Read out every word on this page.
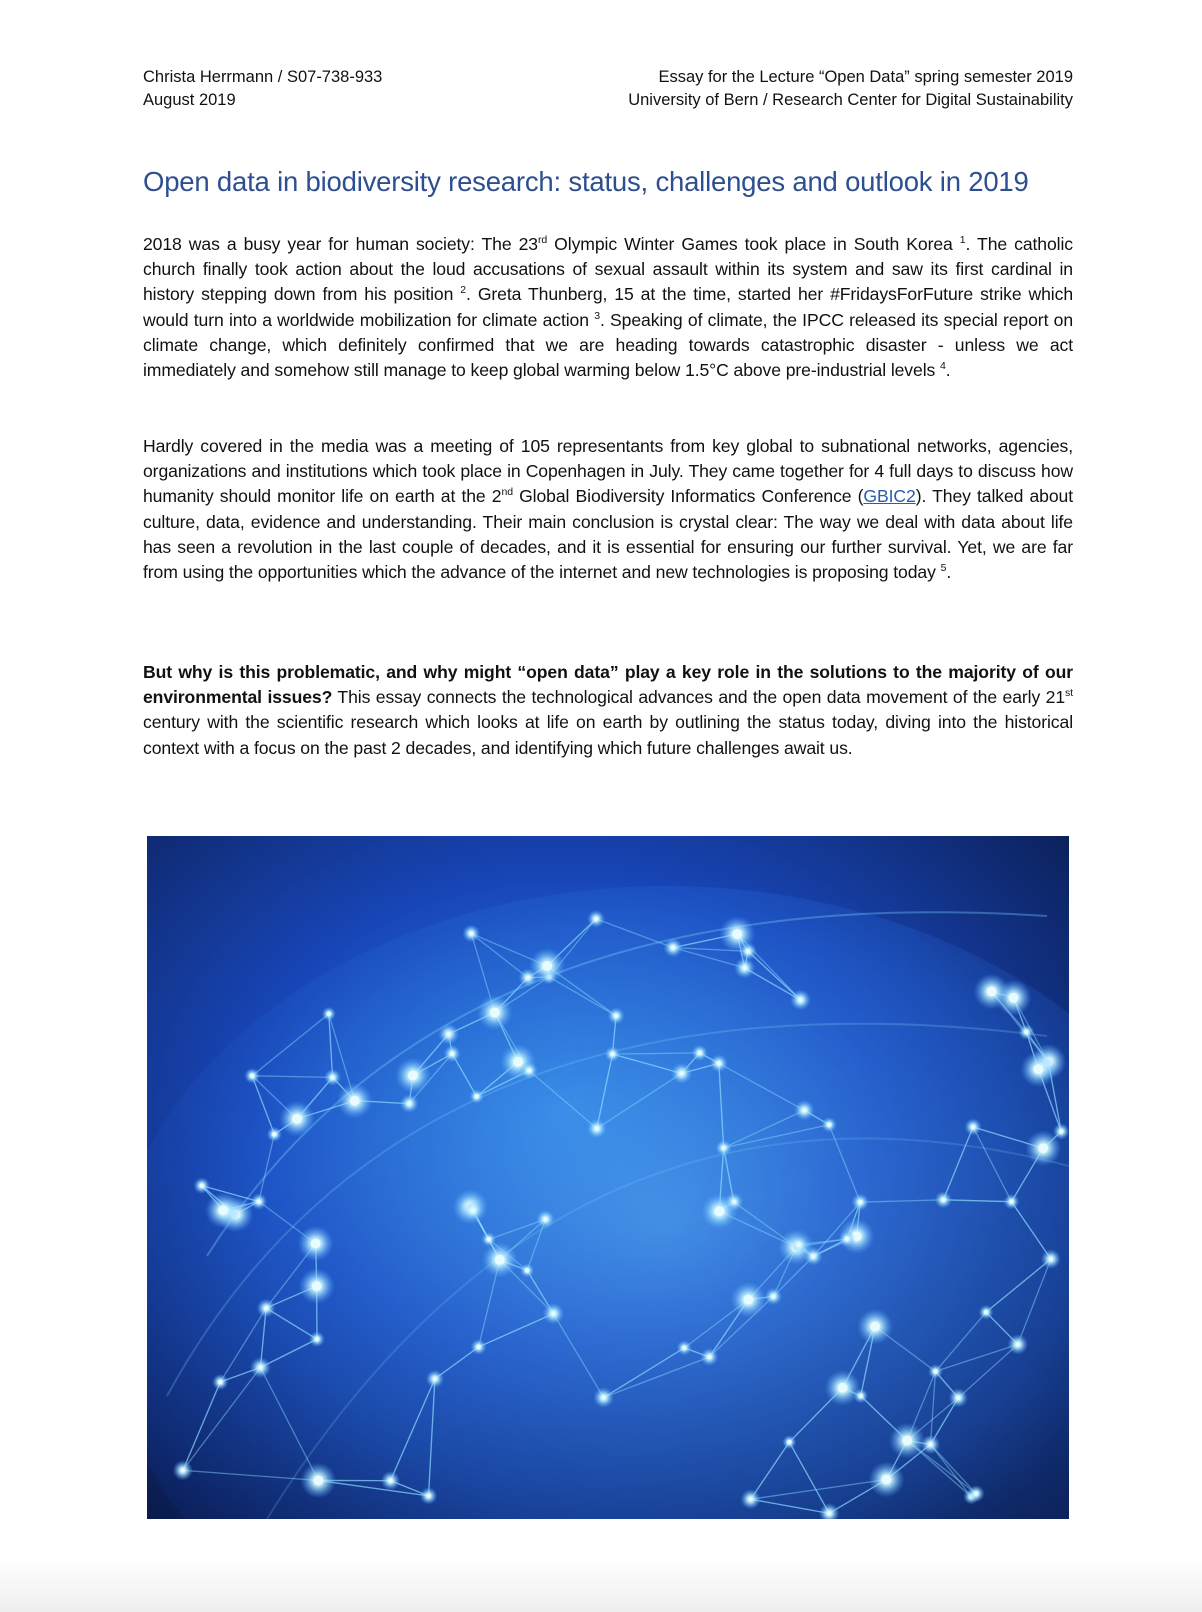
Christa Herrmann / S07-738-933
August 2019
Essay for the Lecture “Open Data” spring semester 2019
University of Bern / Research Center for Digital Sustainability
Open data in biodiversity research: status, challenges and outlook in 2019
2018 was a busy year for human society: The 23rd Olympic Winter Games took place in South Korea $^1$. The catholic church finally took action about the loud accusations of sexual assault within its system and saw its first cardinal in history stepping down from his position $^2$. Greta Thunberg, 15 at the time, started her #FridaysForFuture strike which would turn into a worldwide mobilization for climate action $^3$. Speaking of climate, the IPCC released its special report on climate change, which definitely confirmed that we are heading towards catastrophic disaster - unless we act immediately and somehow still manage to keep global warming below 1.5°C above pre-industrial levels $^4$.
Hardly covered in the media was a meeting of 105 representants from key global to subnational networks, agencies, organizations and institutions which took place in Copenhagen in July. They came together for 4 full days to discuss how humanity should monitor life on earth at the 2nd Global Biodiversity Informatics Conference (GBIC2). They talked about culture, data, evidence and understanding. Their main conclusion is crystal clear: The way we deal with data about life has seen a revolution in the last couple of decades, and it is essential for ensuring our further survival. Yet, we are far from using the opportunities which the advance of the internet and new technologies is proposing today $^5$.
But why is this problematic, and why might “open data” play a key role in the solutions to the majority of our environmental issues? This essay connects the technological advances and the open data movement of the early 21st century with the scientific research which looks at life on earth by outlining the status today, diving into the historical context with a focus on the past 2 decades, and identifying which future challenges await us.
